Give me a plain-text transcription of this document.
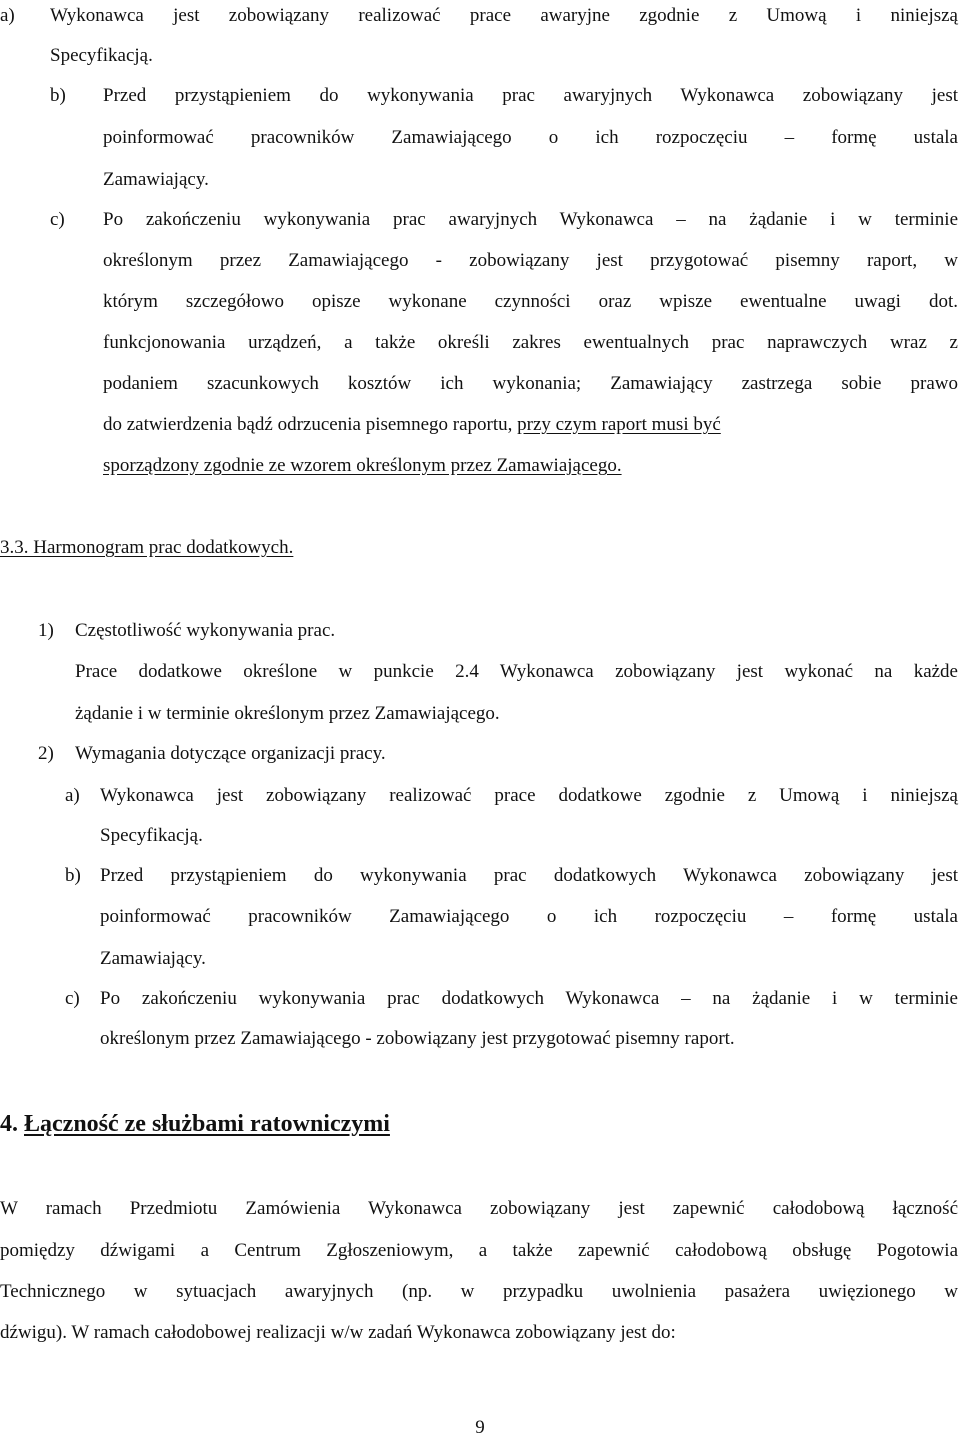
a) Wykonawca jest zobowiązany realizować prace awaryjne zgodnie z Umową i niniejszą
Specyfikacją.
b) Przed przystąpieniem do wykonywania prac awaryjnych Wykonawca zobowiązany jest
poinformować pracowników Zamawiającego o ich rozpoczęciu – formę ustala
Zamawiający.
c) Po zakończeniu wykonywania prac awaryjnych Wykonawca – na żądanie i w terminie
określonym przez Zamawiającego - zobowiązany jest przygotować pisemny raport, w
którym szczegółowo opisze wykonane czynności oraz wpisze ewentualne uwagi dot.
funkcjonowania urządzeń, a także określi zakres ewentualnych prac naprawczych wraz z
podaniem szacunkowych kosztów ich wykonania; Zamawiający zastrzega sobie prawo
do zatwierdzenia bądź odrzucenia pisemnego raportu, przy czym raport musi być
sporządzony zgodnie ze wzorem określonym przez Zamawiającego.
3.3. Harmonogram prac dodatkowych.
1) Częstotliwość wykonywania prac.
Prace dodatkowe określone w punkcie 2.4 Wykonawca zobowiązany jest wykonać na każde
żądanie i w terminie określonym przez Zamawiającego.
2) Wymagania dotyczące organizacji pracy.
a) Wykonawca jest zobowiązany realizować prace dodatkowe zgodnie z Umową i niniejszą
Specyfikacją.
b) Przed przystąpieniem do wykonywania prac dodatkowych Wykonawca zobowiązany jest
poinformować pracowników Zamawiającego o ich rozpoczęciu – formę ustala
Zamawiający.
c) Po zakończeniu wykonywania prac dodatkowych Wykonawca – na żądanie i w terminie
określonym przez Zamawiającego - zobowiązany jest przygotować pisemny raport.
4. Łączność ze służbami ratowniczymi
W ramach Przedmiotu Zamówienia Wykonawca zobowiązany jest zapewnić całodobową łączność
pomiędzy dźwigami a Centrum Zgłoszeniowym, a także zapewnić całodobową obsługę Pogotowia
Technicznego w sytuacjach awaryjnych (np. w przypadku uwolnienia pasażera uwięzionego w
dźwigu). W ramach całodobowej realizacji w/w zadań Wykonawca zobowiązany jest do:
9
